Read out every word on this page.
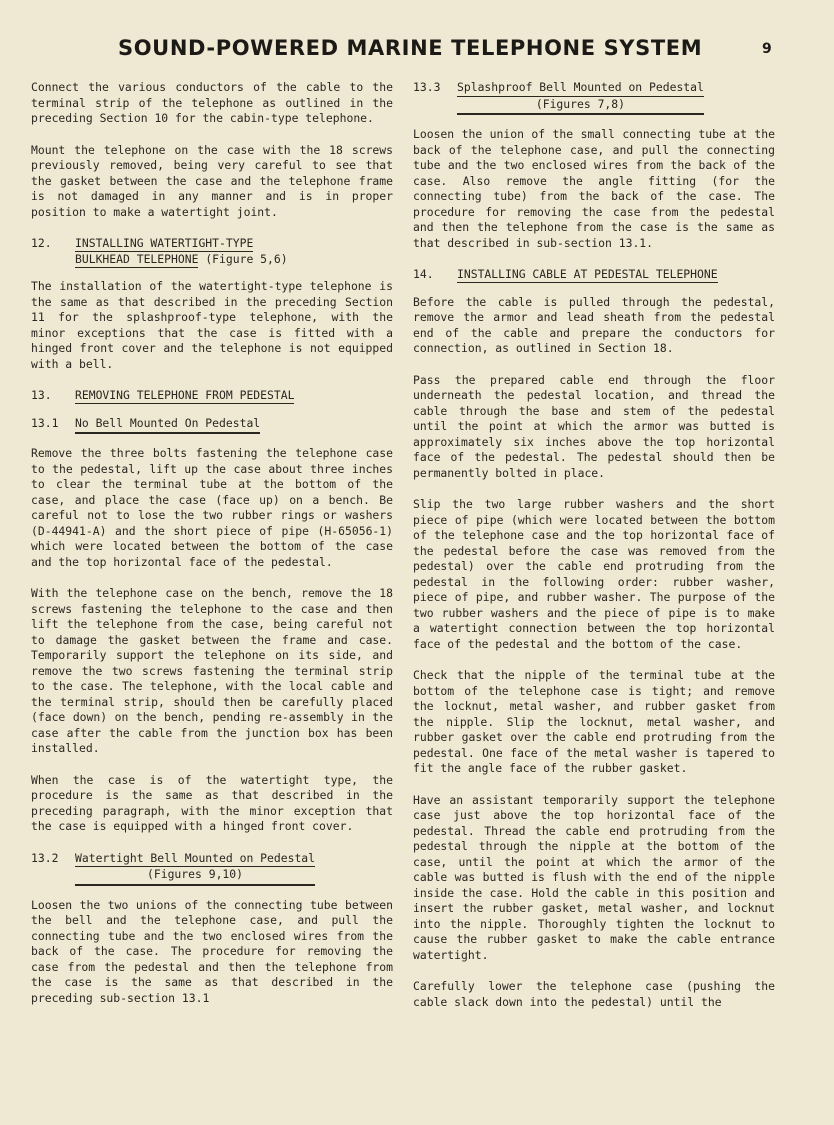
SOUND-POWERED MARINE TELEPHONE SYSTEM	9

Connect the various conductors of the cable to the terminal strip of the telephone as outlined in the preceding Section 10 for the cabin-type telephone.

Mount the telephone on the case with the 18 screws previously removed, being very careful to see that the gasket between the case and the telephone frame is not damaged in any manner and is in proper position to make a watertight joint.

12.	INSTALLING WATERTIGHT-TYPE
BULKHEAD TELEPHONE (Figure 5,6)

The installation of the watertight-type telephone is the same as that described in the preceding Section 11 for the splashproof-type telephone, with the minor exceptions that the case is fitted with a hinged front cover and the telephone is not equipped with a bell.

13.	REMOVING TELEPHONE FROM PEDESTAL
13.1	No Bell Mounted On Pedestal

Remove the three bolts fastening the telephone case to the pedestal, lift up the case about three inches to clear the terminal tube at the bottom of the case, and place the case (face up) on a bench. Be careful not to lose the two rubber rings or washers (D-44941-A) and the short piece of pipe (H-65056-1) which were located between the bottom of the case and the top horizontal face of the pedestal.

With the telephone case on the bench, remove the 18 screws fastening the telephone to the case and then lift the telephone from the case, being careful not to damage the gasket between the frame and case. Temporarily support the telephone on its side, and remove the two screws fastening the terminal strip to the case. The telephone, with the local cable and the terminal strip, should then be carefully placed (face down) on the bench, pending re-assembly in the case after the cable from the junction box has been installed.

When the case is of the watertight type, the procedure is the same as that described in the preceding paragraph, with the minor exception that the case is equipped with a hinged front cover.

13.2	Watertight Bell Mounted on Pedestal
(Figures 9,10)

Loosen the two unions of the connecting tube between the bell and the telephone case, and pull the connecting tube and the two enclosed wires from the back of the case. The procedure for removing the case from the pedestal and then the telephone from the case is the same as that described in the preceding sub-section 13.1

13.3	Splashproof Bell Mounted on Pedestal
(Figures 7,8)

Loosen the union of the small connecting tube at the back of the telephone case, and pull the connecting tube and the two enclosed wires from the back of the case. Also remove the angle fitting (for the connecting tube) from the back of the case. The procedure for removing the case from the pedestal and then the telephone from the case is the same as that described in sub-section 13.1.

14.	INSTALLING CABLE AT PEDESTAL TELEPHONE

Before the cable is pulled through the pedestal, remove the armor and lead sheath from the pedestal end of the cable and prepare the conductors for connection, as outlined in Section 18.

Pass the prepared cable end through the floor underneath the pedestal location, and thread the cable through the base and stem of the pedestal until the point at which the armor was butted is approximately six inches above the top horizontal face of the pedestal. The pedestal should then be permanently bolted in place.

Slip the two large rubber washers and the short piece of pipe (which were located between the bottom of the telephone case and the top horizontal face of the pedestal before the case was removed from the pedestal) over the cable end protruding from the pedestal in the following order: rubber washer, piece of pipe, and rubber washer. The purpose of the two rubber washers and the piece of pipe is to make a watertight connection between the top horizontal face of the pedestal and the bottom of the case.

Check that the nipple of the terminal tube at the bottom of the telephone case is tight; and remove the locknut, metal washer, and rubber gasket from the nipple. Slip the locknut, metal washer, and rubber gasket over the cable end protruding from the pedestal. One face of the metal washer is tapered to fit the angle face of the rubber gasket.

Have an assistant temporarily support the telephone case just above the top horizontal face of the pedestal. Thread the cable end protruding from the pedestal through the nipple at the bottom of the case, until the point at which the armor of the cable was butted is flush with the end of the nipple inside the case. Hold the cable in this position and insert the rubber gasket, metal washer, and locknut into the nipple. Thoroughly tighten the locknut to cause the rubber gasket to make the cable entrance watertight.

Carefully lower the telephone case (pushing the cable slack down into the pedestal) until the
